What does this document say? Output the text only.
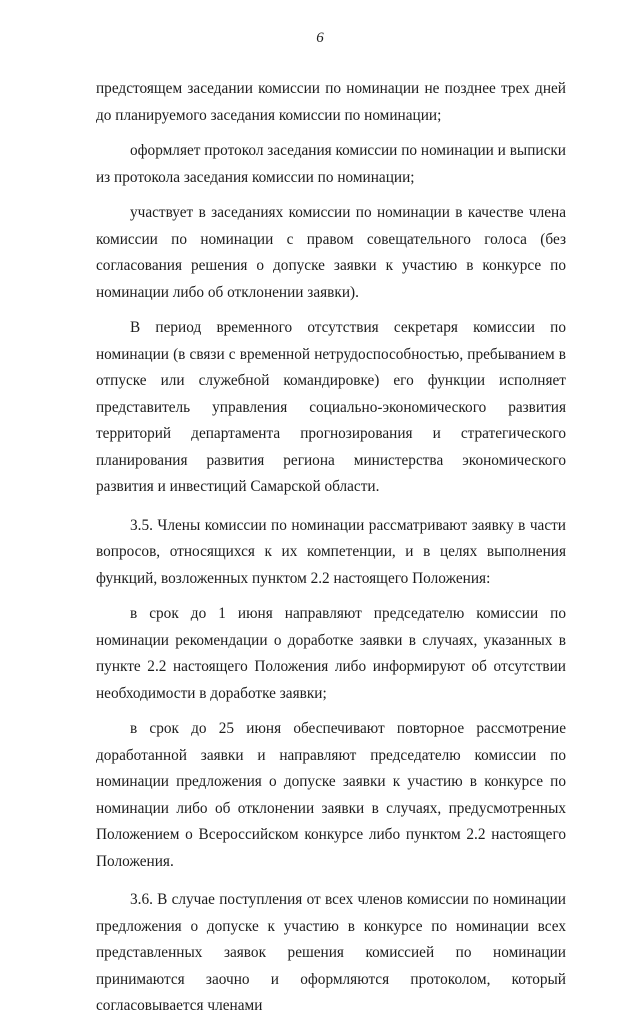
6

предстоящем заседании комиссии по номинации не позднее трех дней до планируемого заседания комиссии по номинации;

оформляет протокол заседания комиссии по номинации и выписки из протокола заседания комиссии по номинации;

участвует в заседаниях комиссии по номинации в качестве члена комиссии по номинации с правом совещательного голоса (без согласования решения о допуске заявки к участию в конкурсе по номинации либо об отклонении заявки).

В период временного отсутствия секретаря комиссии по номинации (в связи с временной нетрудоспособностью, пребыванием в отпуске или служебной командировке) его функции исполняет представитель управления социально-экономического развития территорий департамента прогнозирования и стратегического планирования развития региона министерства экономического развития и инвестиций Самарской области.

3.5. Члены комиссии по номинации рассматривают заявку в части вопросов, относящихся к их компетенции, и в целях выполнения функций, возложенных пунктом 2.2 настоящего Положения:

в срок до 1 июня направляют председателю комиссии по номинации рекомендации о доработке заявки в случаях, указанных в пункте 2.2 настоящего Положения либо информируют об отсутствии необходимости в доработке заявки;

в срок до 25 июня обеспечивают повторное рассмотрение доработанной заявки и направляют председателю комиссии по номинации предложения о допуске заявки к участию в конкурсе по номинации либо об отклонении заявки в случаях, предусмотренных Положением о Всероссийском конкурсе либо пунктом 2.2 настоящего Положения.

3.6. В случае поступления от всех членов комиссии по номинации предложения о допуске к участию в конкурсе по номинации всех представленных заявок решения комиссией по номинации принимаются заочно и оформляются протоколом, который согласовывается членами
